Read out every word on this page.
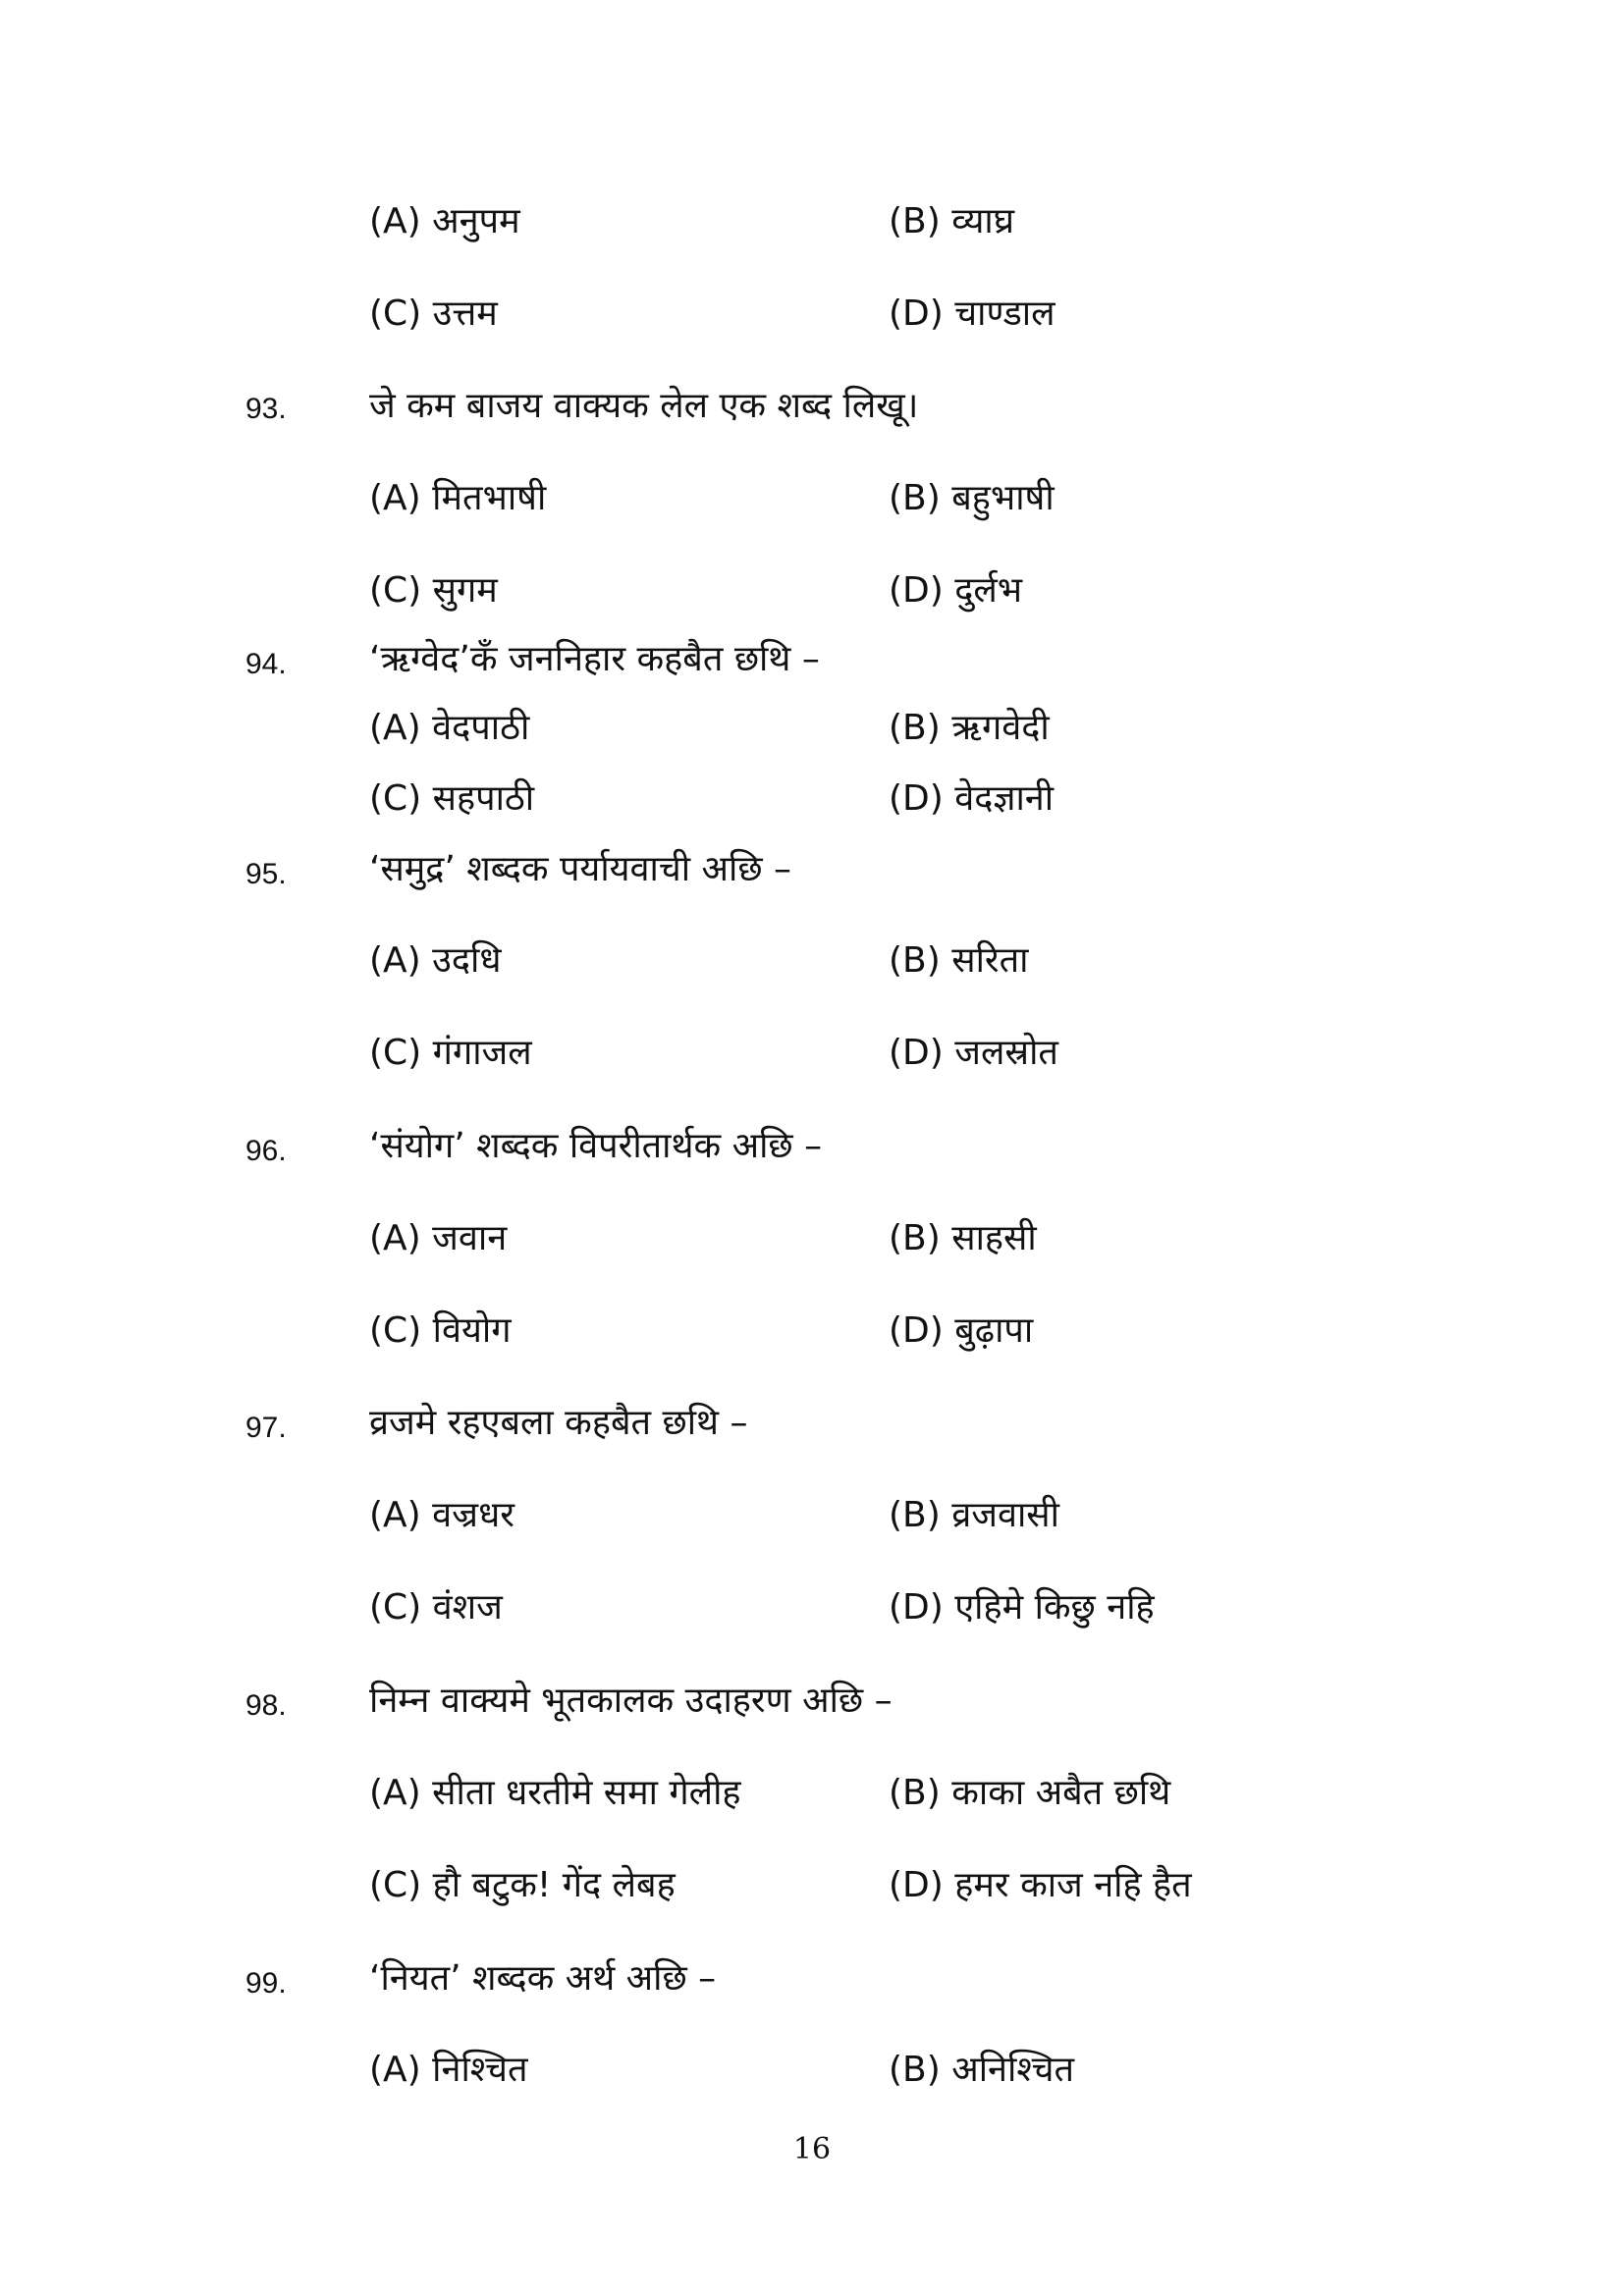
(A) अनुपम	(B) व्याघ्र
(C) उत्तम	(D) चाण्डाल
93. जे कम बाजय वाक्यक लेल एक शब्द लिखू।
(A) मितभाषी	(B) बहुभाषी
(C) सुगम	(D) दुर्लभ
94. ‘ऋग्वेद’कँ जननिहार कहबैत छथि –
(A) वेदपाठी	(B) ऋगवेदी
(C) सहपाठी	(D) वेदज्ञानी
95. ‘समुद्र’ शब्दक पर्यायवाची अछि –
(A) उदधि	(B) सरिता
(C) गंगाजल	(D) जलस्रोत
96. ‘संयोग’ शब्दक विपरीतार्थक अछि –
(A) जवान	(B) साहसी
(C) वियोग	(D) बुढ़ापा
97. व्रजमे रहएबला कहबैत छथि –
(A) वज्रधर	(B) व्रजवासी
(C) वंशज	(D) एहिमे किछु नहि
98. निम्न वाक्यमे भूतकालक उदाहरण अछि –
(A) सीता धरतीमे समा गेलीह	(B) काका अबैत छथि
(C) हौ बटुक! गेंद लेबह	(D) हमर काज नहि हैत
99. ‘नियत’ शब्दक अर्थ अछि –
(A) निश्चित	(B) अनिश्चित
16
